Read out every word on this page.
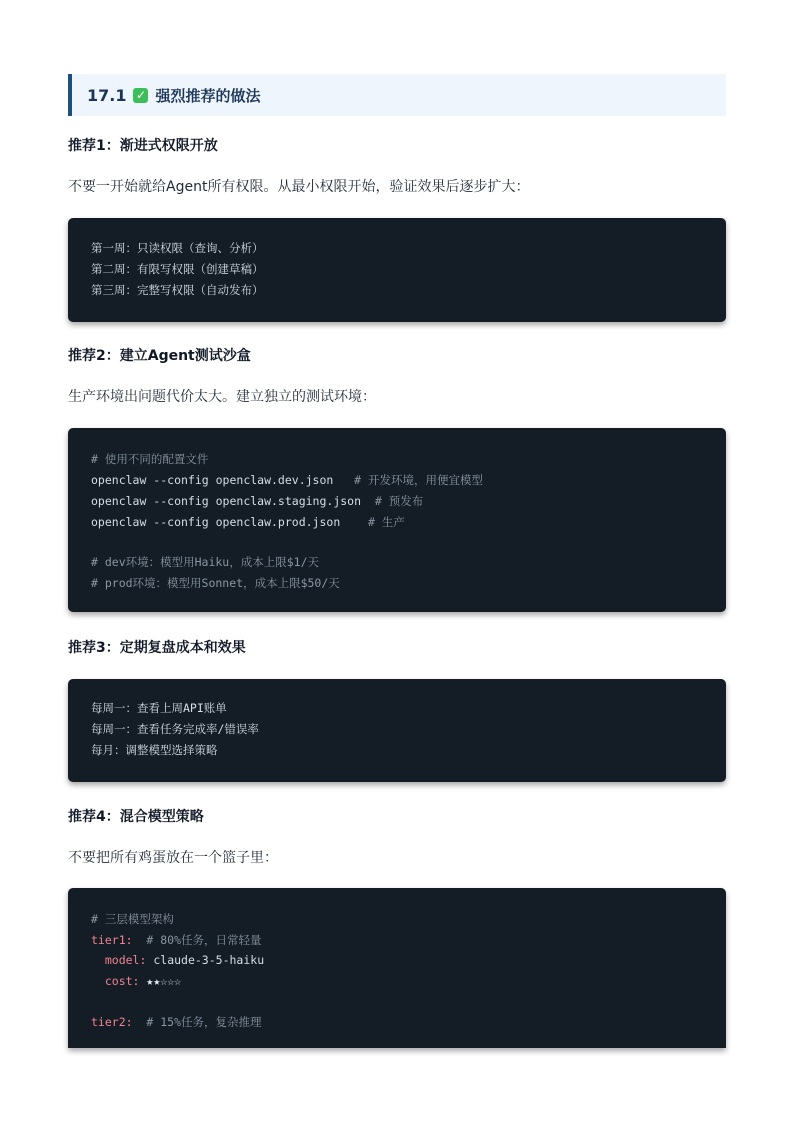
17.1 ✓ 强烈推荐的做法
推荐1：渐进式权限开放
不要一开始就给Agent所有权限。从最小权限开始，验证效果后逐步扩大：
第一周：只读权限（查询、分析）
第二周：有限写权限（创建草稿）
第三周：完整写权限（自动发布）
推荐2：建立Agent测试沙盒
生产环境出问题代价太大。建立独立的测试环境：
# 使用不同的配置文件
openclaw --config openclaw.dev.json # 开发环境，用便宜模型
openclaw --config openclaw.staging.json # 预发布
openclaw --config openclaw.prod.json # 生产
# dev环境：模型用Haiku，成本上限$1/天
# prod环境：模型用Sonnet，成本上限$50/天
推荐3：定期复盘成本和效果
每周一：查看上周API账单
每周一：查看任务完成率/错误率
每月：调整模型选择策略
推荐4：混合模型策略
不要把所有鸡蛋放在一个篮子里：
# 三层模型架构
tier1: # 80%任务，日常轻量
model: claude-3-5-haiku
cost: ★★☆☆☆
tier2: # 15%任务，复杂推理
